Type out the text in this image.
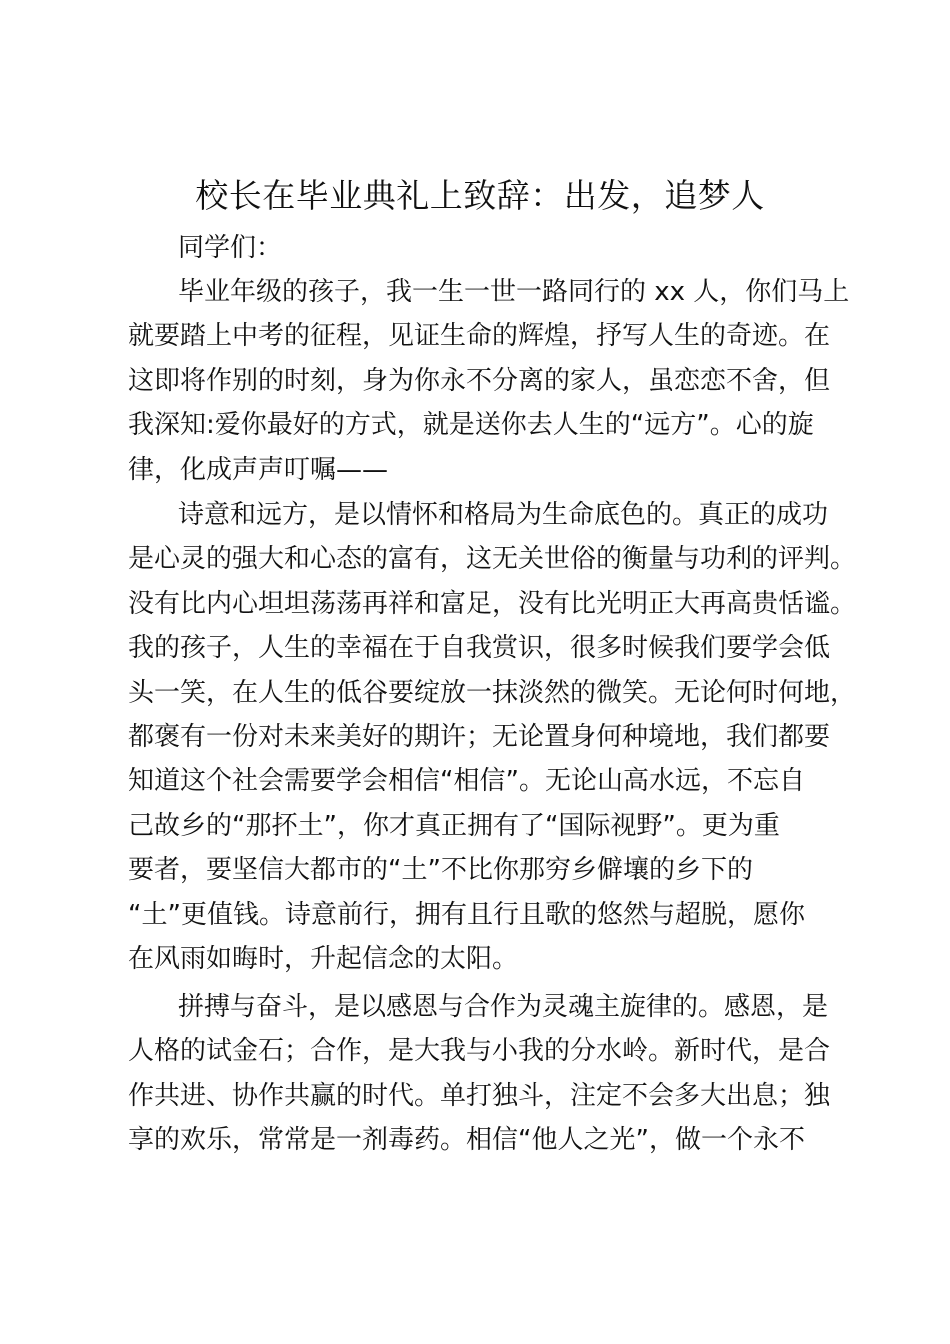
校长在毕业典礼上致辞：出发，追梦人
同学们：
毕业年级的孩子，我一生一世一路同行的 xx 人，你们马上
就要踏上中考的征程，见证生命的辉煌，抒写人生的奇迹。在
这即将作别的时刻，身为你永不分离的家人，虽恋恋不舍，但
我深知:爱你最好的方式，就是送你去人生的“远方”。心的旋
律，化成声声叮嘱——
诗意和远方，是以情怀和格局为生命底色的。真正的成功
是心灵的强大和心态的富有，这无关世俗的衡量与功利的评判。
没有比内心坦坦荡荡再祥和富足，没有比光明正大再高贵恬谧。
我的孩子，人生的幸福在于自我赏识，很多时候我们要学会低
头一笑，在人生的低谷要绽放一抹淡然的微笑。无论何时何地，
都褒有一份对未来美好的期许；无论置身何种境地，我们都要
知道这个社会需要学会相信“相信”。无论山高水远，不忘自
己故乡的“那抔土”，你才真正拥有了“国际视野”。更为重
要者，要坚信大都市的“土”不比你那穷乡僻壤的乡下的
“土”更值钱。诗意前行，拥有且行且歌的悠然与超脱，愿你
在风雨如晦时，升起信念的太阳。
拼搏与奋斗，是以感恩与合作为灵魂主旋律的。感恩，是
人格的试金石；合作，是大我与小我的分水岭。新时代，是合
作共进、协作共赢的时代。单打独斗，注定不会多大出息；独
享的欢乐，常常是一剂毒药。相信“他人之光”，做一个永不
